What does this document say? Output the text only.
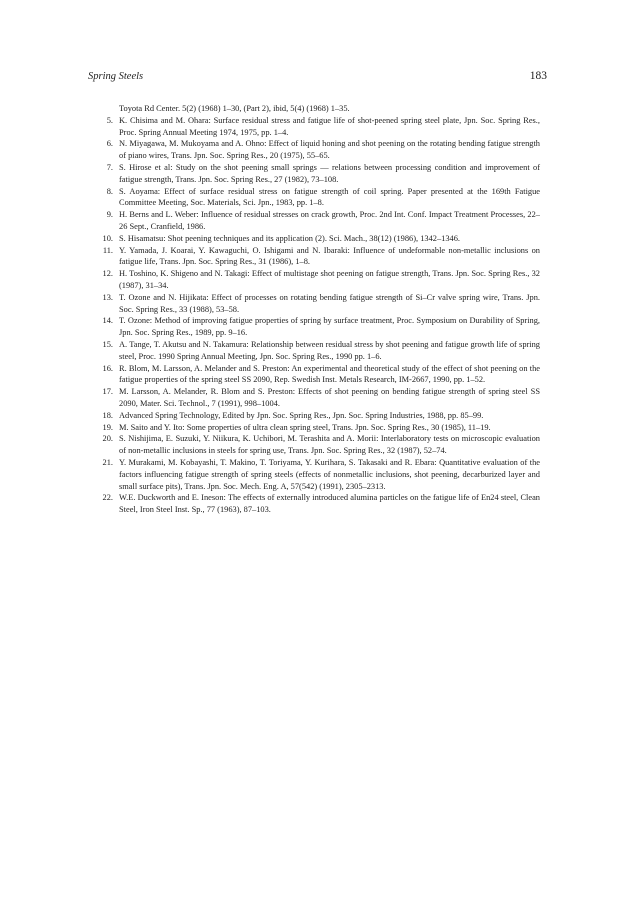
Spring Steels	183
Toyota Rd Center. 5(2) (1968) 1–30, (Part 2), ibid, 5(4) (1968) 1–35.
5. K. Chisima and M. Ohara: Surface residual stress and fatigue life of shot-peened spring steel plate, Jpn. Soc. Spring Res., Proc. Spring Annual Meeting 1974, 1975, pp. 1–4.
6. N. Miyagawa, M. Mukoyama and A. Ohno: Effect of liquid honing and shot peening on the rotating bending fatigue strength of piano wires, Trans. Jpn. Soc. Spring Res., 20 (1975), 55–65.
7. S. Hirose et al: Study on the shot peening small springs — relations between processing condition and improvement of fatigue strength, Trans. Jpn. Soc. Spring Res., 27 (1982), 73–108.
8. S. Aoyama: Effect of surface residual stress on fatigue strength of coil spring. Paper presented at the 169th Fatigue Committee Meeting, Soc. Materials, Sci. Jpn., 1983, pp. 1–8.
9. H. Berns and L. Weber: Influence of residual stresses on crack growth, Proc. 2nd Int. Conf. Impact Treatment Processes, 22–26 Sept., Cranfield, 1986.
10. S. Hisamatsu: Shot peening techniques and its application (2). Sci. Mach., 38(12) (1986), 1342–1346.
11. Y. Yamada, J. Koarai, Y. Kawaguchi, O. Ishigami and N. Ibaraki: Influence of undeformable non-metallic inclusions on fatigue life, Trans. Jpn. Soc. Spring Res., 31 (1986), 1–8.
12. H. Toshino, K. Shigeno and N. Takagi: Effect of multistage shot peening on fatigue strength, Trans. Jpn. Soc. Spring Res., 32 (1987), 31–34.
13. T. Ozone and N. Hijikata: Effect of processes on rotating bending fatigue strength of Si–Cr valve spring wire, Trans. Jpn. Soc. Spring Res., 33 (1988), 53–58.
14. T. Ozone: Method of improving fatigue properties of spring by surface treatment, Proc. Symposium on Durability of Spring, Jpn. Soc. Spring Res., 1989, pp. 9–16.
15. A. Tange, T. Akutsu and N. Takamura: Relationship between residual stress by shot peening and fatigue growth life of spring steel, Proc. 1990 Spring Annual Meeting, Jpn. Soc. Spring Res., 1990 pp. 1–6.
16. R. Blom, M. Larsson, A. Melander and S. Preston: An experimental and theoretical study of the effect of shot peening on the fatigue properties of the spring steel SS 2090, Rep. Swedish Inst. Metals Research, IM-2667, 1990, pp. 1–52.
17. M. Larsson, A. Melander, R. Blom and S. Preston: Effects of shot peening on bending fatigue strength of spring steel SS 2090, Mater. Sci. Technol., 7 (1991), 998–1004.
18. Advanced Spring Technology, Edited by Jpn. Soc. Spring Res., Jpn. Soc. Spring Industries, 1988, pp. 85–99.
19. M. Saito and Y. Ito: Some properties of ultra clean spring steel, Trans. Jpn. Soc. Spring Res., 30 (1985), 11–19.
20. S. Nishijima, E. Suzuki, Y. Niikura, K. Uchibori, M. Terashita and A. Morii: Interlaboratory tests on microscopic evaluation of non-metallic inclusions in steels for spring use, Trans. Jpn. Soc. Spring Res., 32 (1987), 52–74.
21. Y. Murakami, M. Kobayashi, T. Makino, T. Toriyama, Y. Kurihara, S. Takasaki and R. Ebara: Quantitative evaluation of the factors influencing fatigue strength of spring steels (effects of nonmetallic inclusions, shot peening, decarburized layer and small surface pits), Trans. Jpn. Soc. Mech. Eng. A, 57(542) (1991), 2305–2313.
22. W.E. Duckworth and E. Ineson: The effects of externally introduced alumina particles on the fatigue life of En24 steel, Clean Steel, Iron Steel Inst. Sp., 77 (1963), 87–103.
